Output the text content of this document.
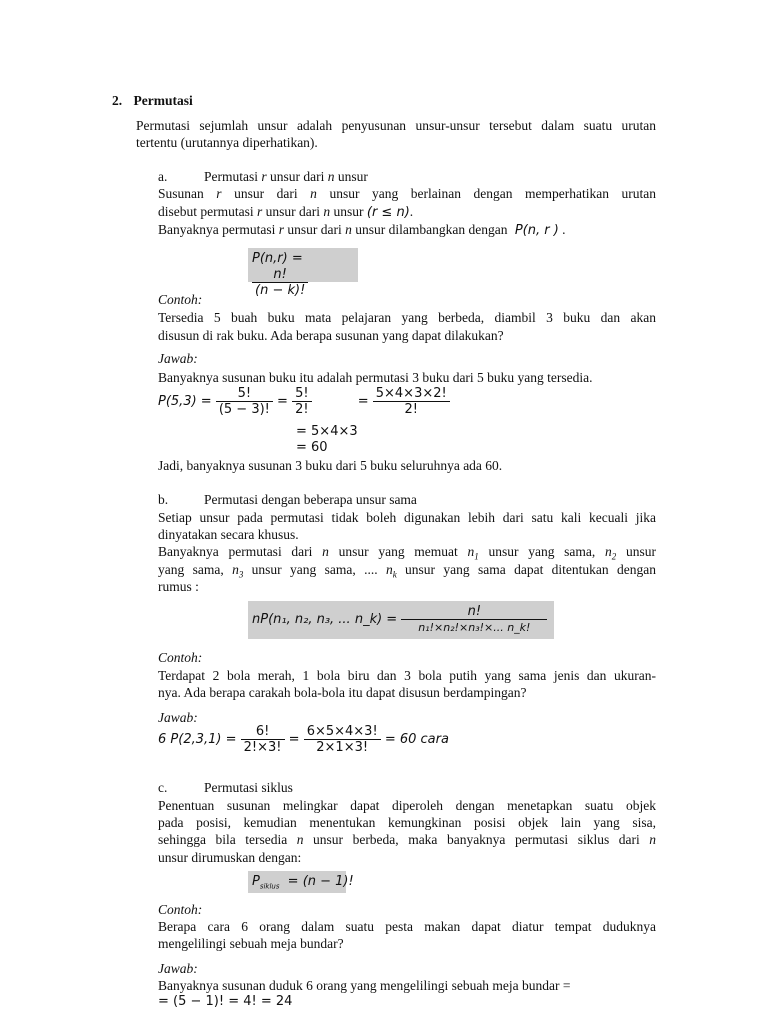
2. Permutasi
Permutasi sejumlah unsur adalah penyusunan unsur-unsur tersebut dalam suatu urutan
tertentu (urutannya diperhatikan).
a.	Permutasi r unsur dari n unsur
Susunan r unsur dari n unsur yang berlainan dengan memperhatikan urutan
disebut permutasi r unsur dari n unsur (r ≤ n).
Banyaknya permutasi r unsur dari n unsur dilambangkan dengan P(n, r ) .
P(n,r) =
$\frac{n!}{(n - k)!}$
Contoh:
Tersedia 5 buah buku mata pelajaran yang berbeda, diambil 3 buku dan akan
disusun di rak buku. Ada berapa susunan yang dapat dilakukan?
Jawab:
Banyaknya susunan buku itu adalah permutasi 3 buku dari 5 buku yang tersedia.
$P(5,3) = \frac{5!}{(5 - 3)!} = \frac{5!}{2!}$	= $\frac{5\times 4\times 3\times 2!}{2!}$
= 5×4×3
= 60
Jadi, banyaknya susunan 3 buku dari 5 buku seluruhnya ada 60.
b.	Permutasi dengan beberapa unsur sama
Setiap unsur pada permutasi tidak boleh digunakan lebih dari satu kali kecuali jika
dinyatakan secara khusus.
Banyaknya permutasi dari n unsur yang memuat $n_1$ unsur yang sama, $n_2$ unsur
yang sama, $n_3$ unsur yang sama, .... $n_k$ unsur yang sama dapat ditentukan dengan
rumus :
nP(n₁, n₂, n₃, ... n_k) = $\frac{n!}{\text{n₁!×n₂!×n₃!×... n\_k!}}$
Contoh:
Terdapat 2 bola merah, 1 bola biru dan 3 bola putih yang sama jenis dan ukuran-
nya. Ada berapa carakah bola-bola itu dapat disusun berdampingan?
Jawab:
6 $P(2,3,1) = \frac{6!}{2!\times 3!} = \frac{6\times 5\times 4\times 3!}{2\times 1\times 3!} = 60$ cara
c.	Permutasi siklus
Penentuan susunan melingkar dapat diperoleh dengan menetapkan suatu objek
pada posisi, kemudian menentukan kemungkinan posisi objek lain yang sisa,
sehingga bila tersedia n unsur berbeda, maka banyaknya permutasi siklus dari n
unsur dirumuskan dengan:
$P_{siklus} = (n - 1)$!
Contoh:
Berapa cara 6 orang dalam suatu pesta makan dapat diatur tempat duduknya
mengelilingi sebuah meja bundar?
Jawab:
Banyaknya susunan duduk 6 orang yang mengelilingi sebuah meja bundar =
= (5 − 1)! = 4! = 24
